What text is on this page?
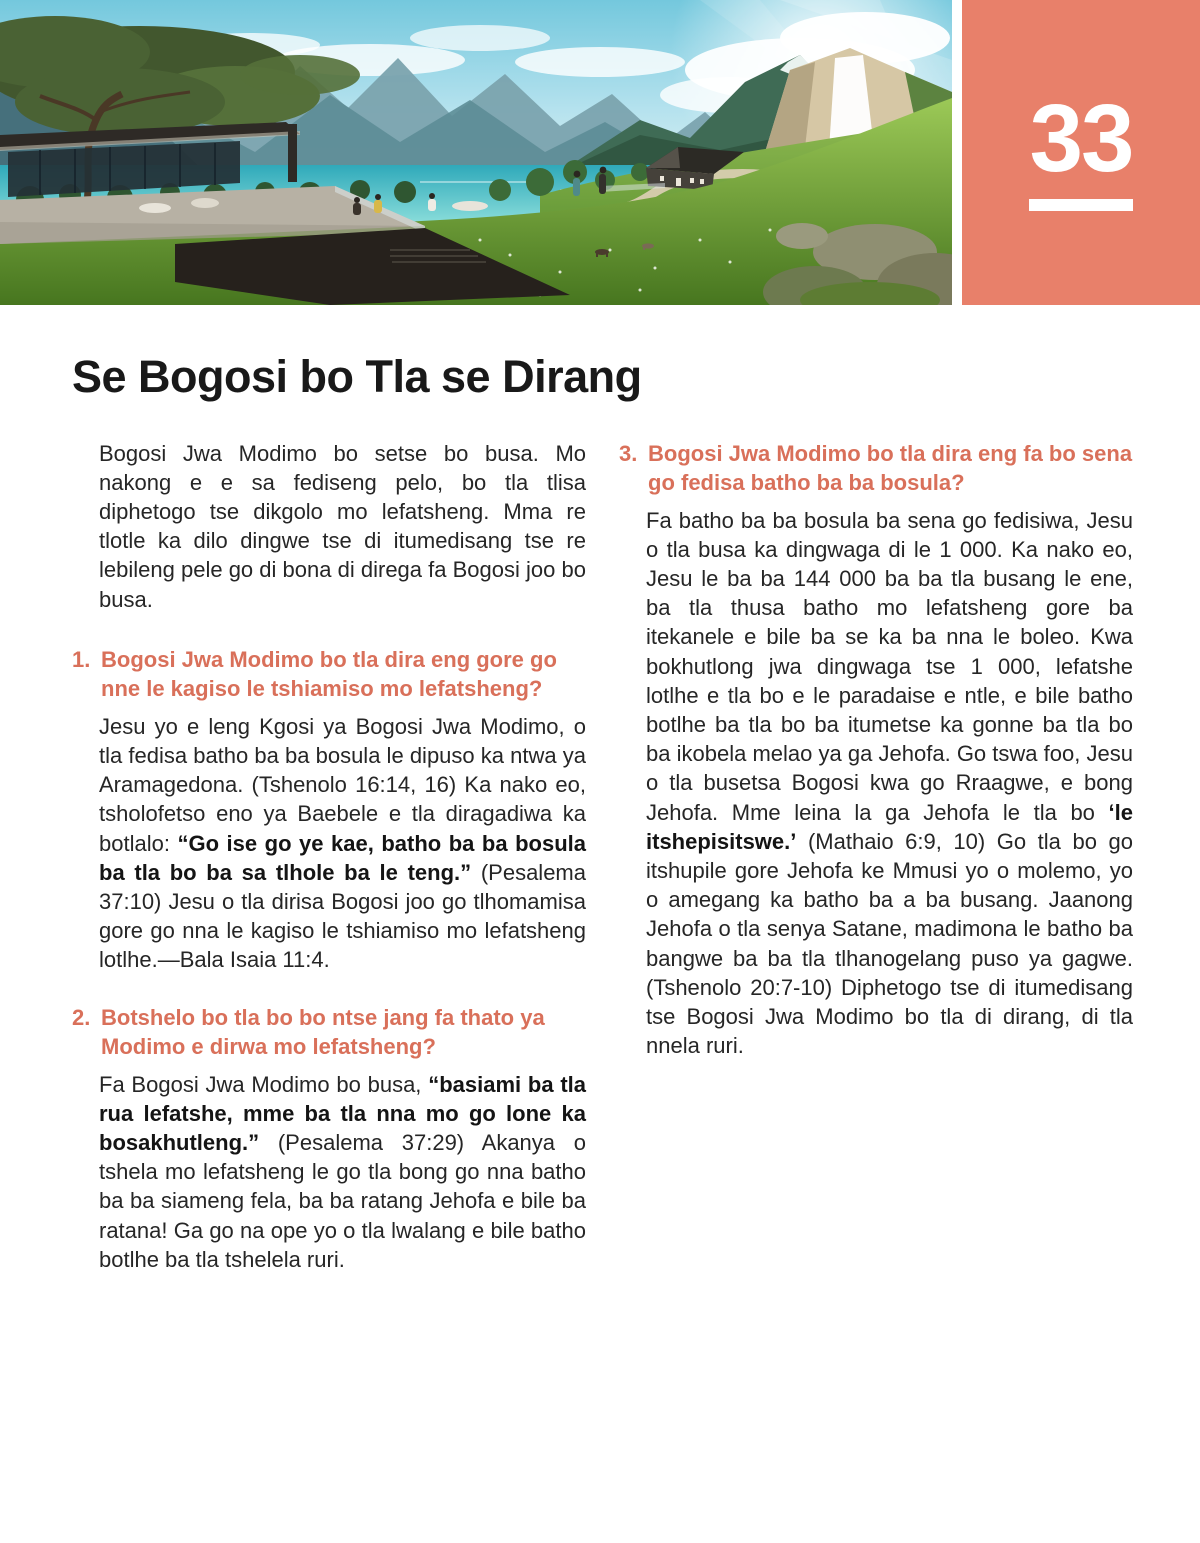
33
Se Bogosi bo Tla se Dirang

Bogosi Jwa Modimo bo setse bo busa. Mo nakong e e sa fediseng pelo, bo tla tlisa diphetogo tse dikgolo mo lefatsheng. Mma re tlotle ka dilo dingwe tse di itumedisang tse re lebileng pele go di bona di direga fa Bogosi joo bo busa.

1. Bogosi Jwa Modimo bo tla dira eng gore go nne le kagiso le tshiamiso mo lefatsheng?

Jesu yo e leng Kgosi ya Bogosi Jwa Modimo, o tla fedisa batho ba ba bosula le dipuso ka ntwa ya Aramagedona. (Tshenolo 16:14, 16) Ka nako eo, tsholofetso eno ya Baebele e tla diragadiwa ka botlalo: “Go ise go ye kae, batho ba ba bosula ba tla bo ba sa tlhole ba le teng.” (Pesalema 37:10) Jesu o tla dirisa Bogosi joo go tlhomamisa gore go nna le kagiso le tshiamiso mo lefatsheng lotlhe.—Bala Isaia 11:4.

2. Botshelo bo tla bo bo ntse jang fa thato ya Modimo e dirwa mo lefatsheng?

Fa Bogosi Jwa Modimo bo busa, “basiami ba tla rua lefatshe, mme ba tla nna mo go lone ka bosakhutleng.” (Pesalema 37:29) Akanya o tshela mo lefatsheng le go tla bong go nna batho ba ba siameng fela, ba ba ratang Jehofa e bile ba ratana! Ga go na ope yo o tla lwalang e bile batho botlhe ba tla tshelela ruri.

3. Bogosi Jwa Modimo bo tla dira eng fa bo sena go fedisa batho ba ba bosula?

Fa batho ba ba bosula ba sena go fedisiwa, Jesu o tla busa ka dingwaga di le 1 000. Ka nako eo, Jesu le ba ba 144 000 ba ba tla busang le ene, ba tla thusa batho mo lefatsheng gore ba itekanele e bile ba se ka ba nna le boleo. Kwa bokhutlong jwa dingwaga tse 1 000, lefatshe lotlhe e tla bo e le paradaise e ntle, e bile batho botlhe ba tla bo ba itumetse ka gonne ba tla bo ba ikobela melao ya ga Jehofa. Go tswa foo, Jesu o tla busetsa Bogosi kwa go Rraagwe, e bong Jehofa. Mme leina la ga Jehofa le tla bo ‘le itshepisitswe.’ (Mathaio 6:9, 10) Go tla bo go itshupile gore Jehofa ke Mmusi yo o molemo, yo o amegang ka batho ba a ba busang. Jaanong Jehofa o tla senya Satane, madimona le batho ba bangwe ba ba tla tlhanogelang puso ya gagwe. (Tshenolo 20:7-10) Diphetogo tse di itumedisang tse Bogosi Jwa Modimo bo tla di dirang, di tla nnela ruri.
